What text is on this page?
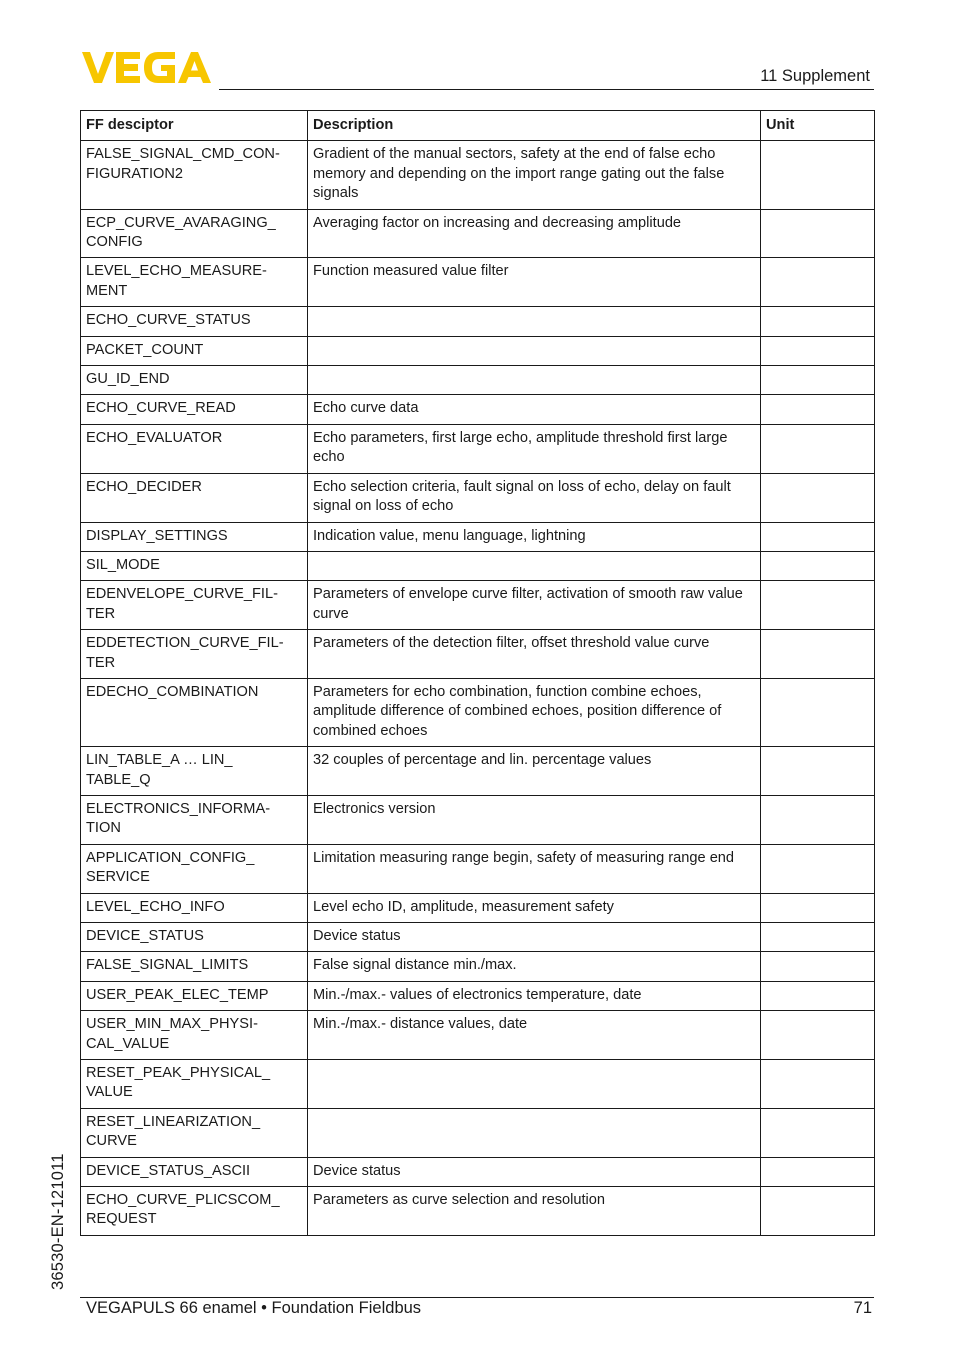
11 Supplement
FF desciptor	Description	Unit

FALSE_SIGNAL_CMD_CON-
FIGURATION2	Gradient of the manual sectors, safety at the end of false echo memory and depending on the import range gating out the false signals	

ECP_CURVE_AVARAGING_
CONFIG	Averaging factor on increasing and decreasing amplitude	

LEVEL_ECHO_MEASURE-
MENT	Function measured value filter	

ECHO_CURVE_STATUS		

PACKET_COUNT		

GU_ID_END		

ECHO_CURVE_READ	Echo curve data	

ECHO_EVALUATOR	Echo parameters, first large echo, amplitude threshold first large echo	

ECHO_DECIDER	Echo selection criteria, fault signal on loss of echo, delay on fault signal on loss of echo	

DISPLAY_SETTINGS	Indication value, menu language, lightning	

SIL_MODE		

EDENVELOPE_CURVE_FIL-
TER	Parameters of envelope curve filter, activation of smooth raw value curve	

EDDETECTION_CURVE_FIL-
TER	Parameters of the detection filter, offset threshold value curve	

EDECHO_COMBINATION	Parameters for echo combination, function combine echoes, amplitude difference of combined echoes, position difference of combined echoes	

LIN_TABLE_A … LIN_
TABLE_Q	32 couples of percentage and lin. percentage values	

ELECTRONICS_INFORMA-
TION	Electronics version	

APPLICATION_CONFIG_
SERVICE	Limitation measuring range begin, safety of measuring range end	

LEVEL_ECHO_INFO	Level echo ID, amplitude, measurement safety	

DEVICE_STATUS	Device status	

FALSE_SIGNAL_LIMITS	False signal distance min./max.	

USER_PEAK_ELEC_TEMP	Min.-/max.- values of electronics temperature, date	

USER_MIN_MAX_PHYSI-
CAL_VALUE	Min.-/max.- distance values, date	

RESET_PEAK_PHYSICAL_
VALUE		

RESET_LINEARIZATION_
CURVE		

DEVICE_STATUS_ASCII	Device status	

ECHO_CURVE_PLICSCOM_
REQUEST	Parameters as curve selection and resolution	
36530-EN-121011
VEGAPULS 66 enamel • Foundation Fieldbus	71
